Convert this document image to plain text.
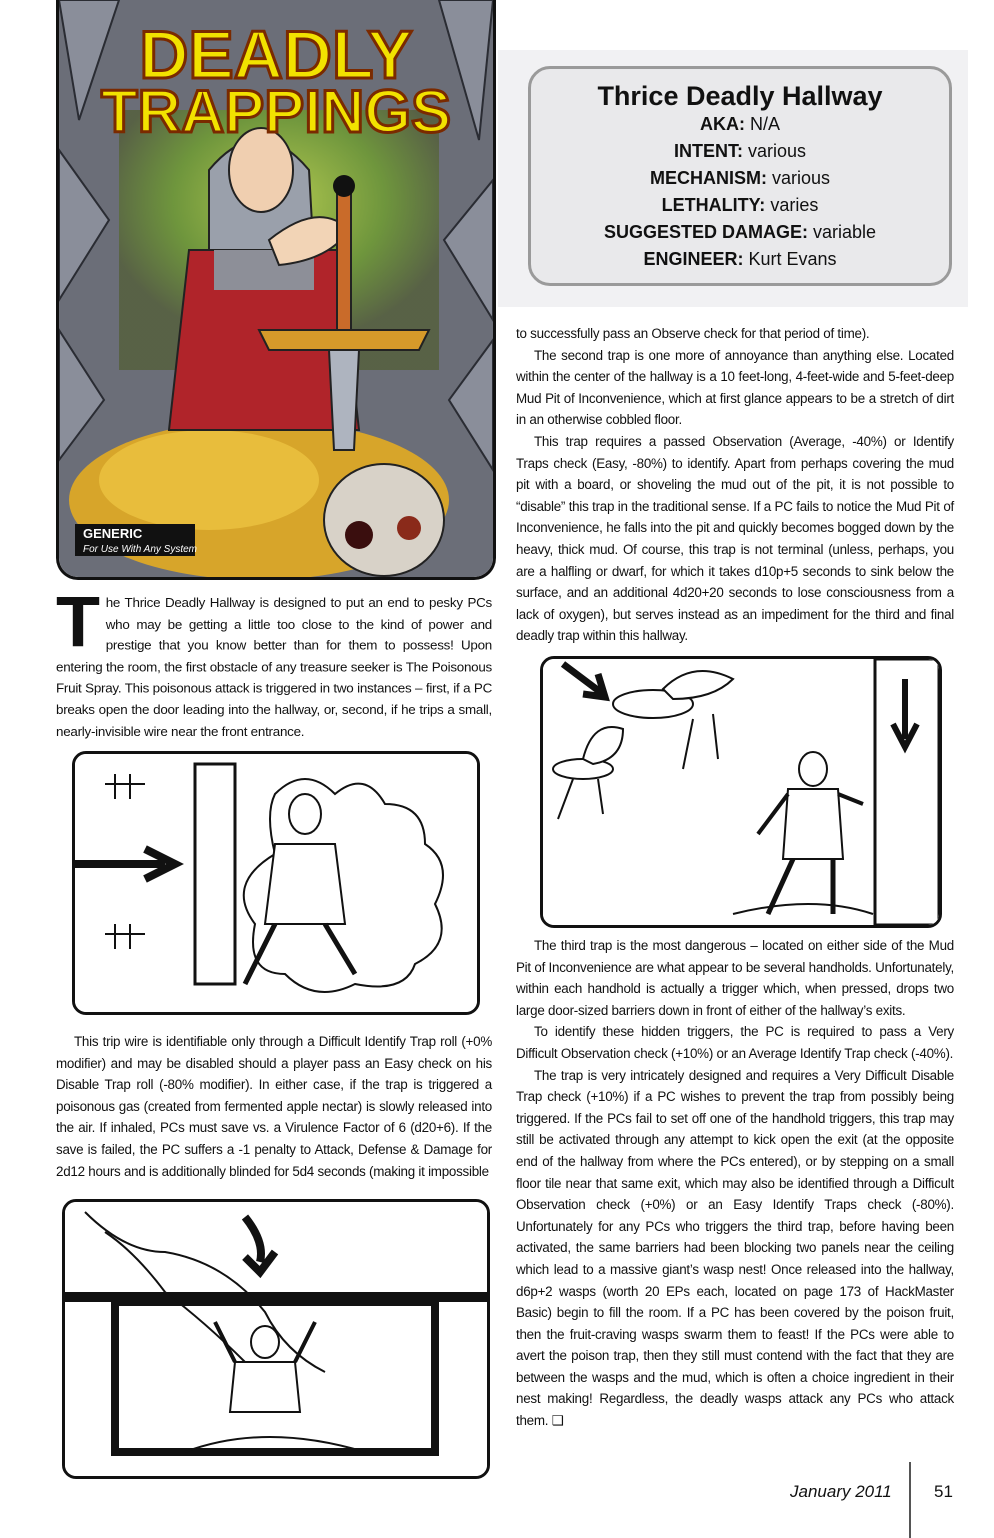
DEADLY
TRAPPINGS
GENERIC
For Use With Any System
Thrice Deadly Hallway
AKA: N/A
INTENT: various
MECHANISM: various
LETHALITY: varies
SUGGESTED DAMAGE: variable
ENGINEER: Kurt Evans
T he Thrice Deadly Hallway is designed to put an end to pesky PCs who may be getting a little too close to the kind of power and prestige that you know better than for them to possess! Upon entering the room, the first obstacle of any treasure seeker is The Poisonous Fruit Spray. This poisonous attack is triggered in two instances – first, if a PC breaks open the door leading into the hallway, or, second, if he trips a small, nearly-invisible wire near the front entrance.

This trip wire is identifiable only through a Difficult Identify Trap roll (+0% modifier) and may be disabled should a player pass an Easy check on his Disable Trap roll (-80% modifier). In either case, if the trap is triggered a poisonous gas (created from fermented apple nectar) is slowly released into the air. If inhaled, PCs must save vs. a Virulence Factor of 6 (d20+6). If the save is failed, the PC suffers a -1 penalty to Attack, Defense & Damage for 2d12 hours and is additionally blinded for 5d4 seconds (making it impossible

to successfully pass an Observe check for that period of time).

The second trap is one more of annoyance than anything else. Located within the center of the hallway is a 10 feet-long, 4-feet-wide and 5-feet-deep Mud Pit of Inconvenience, which at first glance appears to be a stretch of dirt in an otherwise cobbled floor.

This trap requires a passed Observation (Average, -40%) or Identify Traps check (Easy, -80%) to identify. Apart from perhaps covering the mud pit with a board, or shoveling the mud out of the pit, it is not possible to “disable” this trap in the traditional sense. If a PC fails to notice the Mud Pit of Inconvenience, he falls into the pit and quickly becomes bogged down by the heavy, thick mud. Of course, this trap is not terminal (unless, perhaps, you are a halfling or dwarf, for which it takes d10p+5 seconds to sink below the surface, and an additional 4d20+20 seconds to lose consciousness from a lack of oxygen), but serves instead as an impediment for the third and final deadly trap within this hallway.

The third trap is the most dangerous – located on either side of the Mud Pit of Inconvenience are what appear to be several handholds. Unfortunately, within each handhold is actually a trigger which, when pressed, drops two large door-sized barriers down in front of either of the hallway’s exits.

To identify these hidden triggers, the PC is required to pass a Very Difficult Observation check (+10%) or an Average Identify Trap check (-40%).

The trap is very intricately designed and requires a Very Difficult Disable Trap check (+10%) if a PC wishes to prevent the trap from possibly being triggered. If the PCs fail to set off one of the handhold triggers, this trap may still be activated through any attempt to kick open the exit (at the opposite end of the hallway from where the PCs entered), or by stepping on a small floor tile near that same exit, which may also be identified through a Difficult Observation check (+0%) or an Easy Identify Traps check (-80%). Unfortunately for any PCs who triggers the third trap, before having been activated, the same barriers had been blocking two panels near the ceiling which lead to a massive giant’s wasp nest! Once released into the hallway, d6p+2 wasps (worth 20 EPs each, located on page 173 of HackMaster Basic) begin to fill the room. If a PC has been covered by the poison fruit, then the fruit-craving wasps swarm them to feast! If the PCs were able to avert the poison trap, then they still must contend with the fact that they are between the wasps and the mud, which is often a choice ingredient in their nest making! Regardless, the deadly wasps attack any PCs who attack them. ❑

January 2011 51
